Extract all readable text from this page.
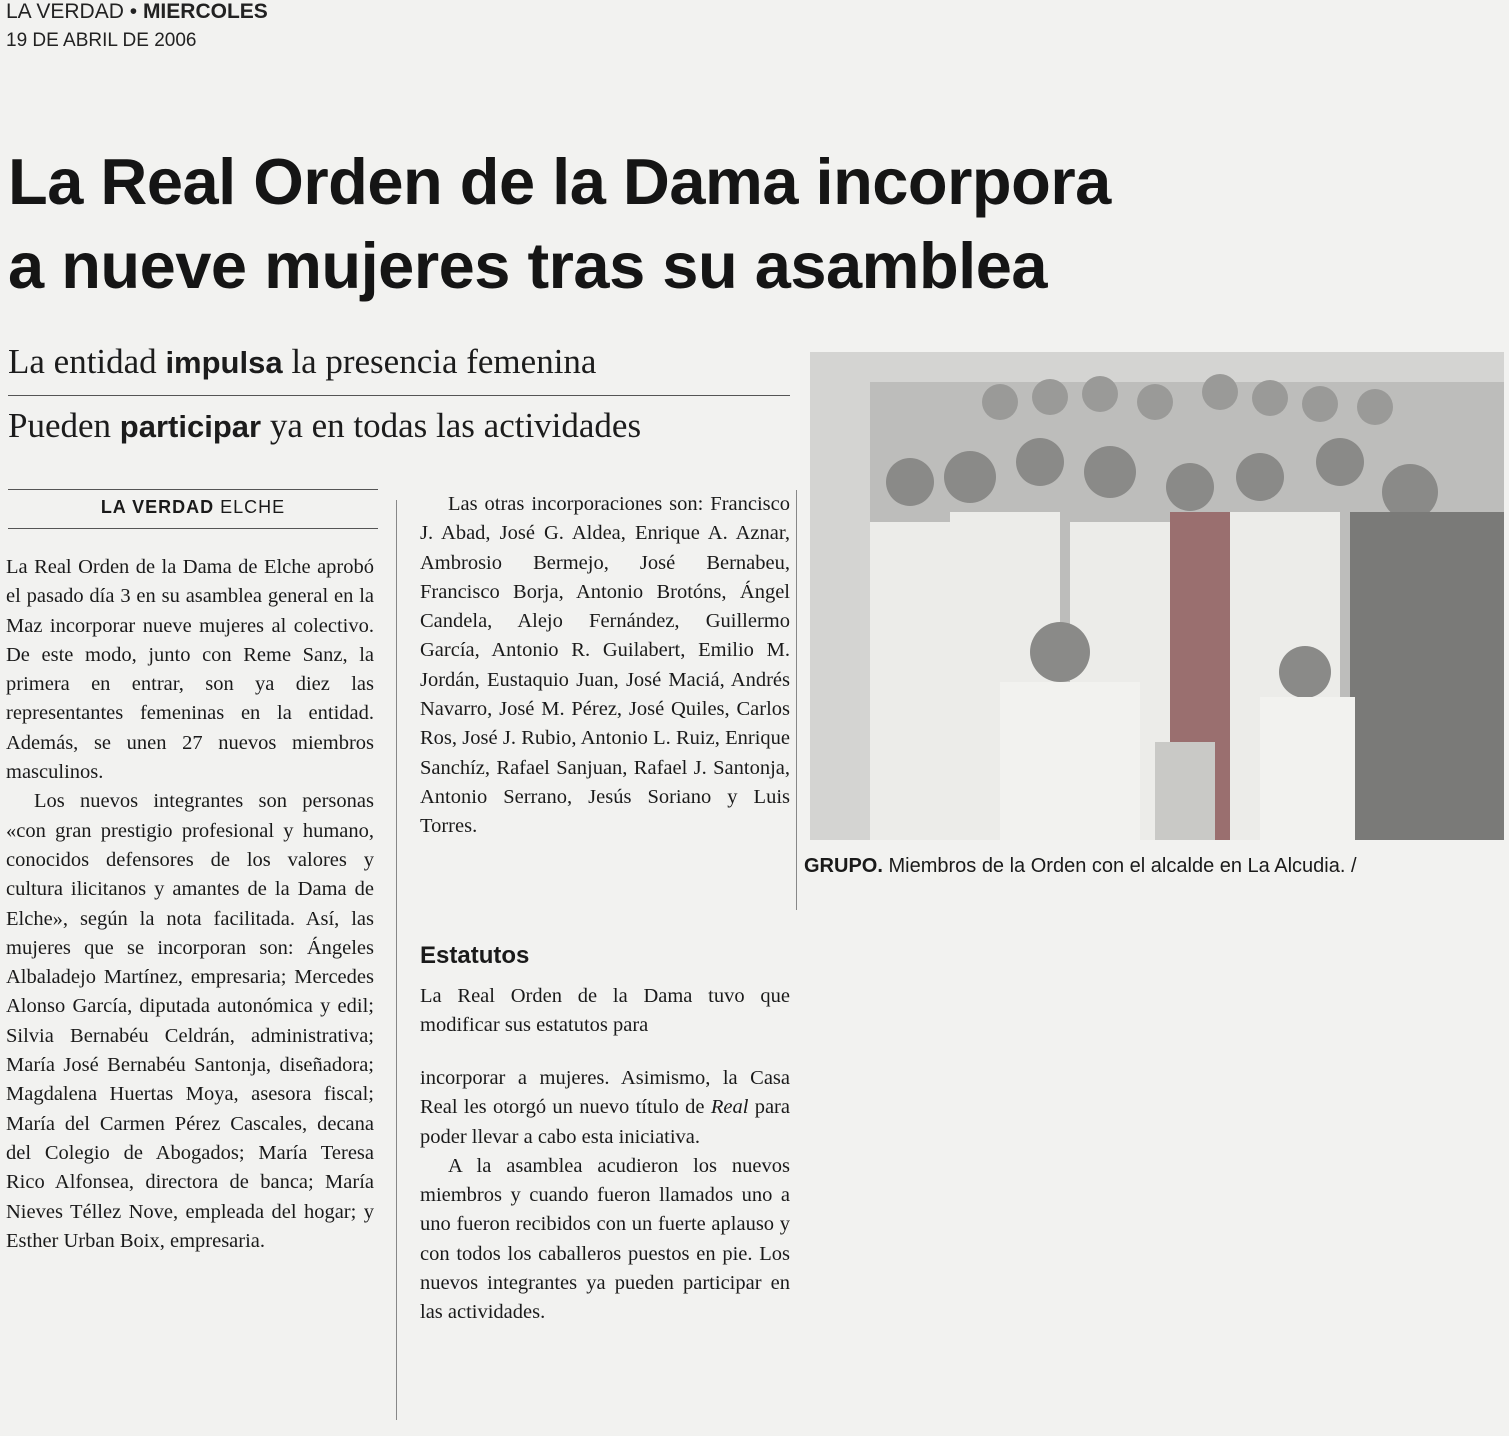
LA VERDAD • MIERCOLES
19 DE ABRIL DE 2006
La Real Orden de la Dama incorpora
a nueve mujeres tras su asamblea
La entidad impulsa la presencia femenina
Pueden participar ya en todas las actividades
LA VERDAD ELCHE

La Real Orden de la Dama de Elche aprobó el pasado día 3 en su asamblea general en la Maz incorporar nueve mujeres al colectivo. De este modo, junto con Reme Sanz, la primera en entrar, son ya diez las representantes femeninas en la entidad. Además, se unen 27 nuevos miembros masculinos.

Los nuevos integrantes son personas «con gran prestigio profesional y humano, conocidos defensores de los valores y cultura ilicitanos y amantes de la Dama de Elche», según la nota facilitada. Así, las mujeres que se incorporan son: Ángeles Albaladejo Martínez, empresaria; Mercedes Alonso García, diputada autonómica y edil; Silvia Bernabéu Celdrán, administrativa; María José Bernabéu Santonja, diseñadora; Magdalena Huertas Moya, asesora fiscal; María del Carmen Pérez Cascales, decana del Colegio de Abogados; María Teresa Rico Alfonsea, directora de banca; María Nieves Téllez Nove, empleada del hogar; y Esther Urban Boix, empresaria.

Las otras incorporaciones son: Francisco J. Abad, José G. Aldea, Enrique A. Aznar, Ambrosio Bermejo, José Bernabeu, Francisco Borja, Antonio Brotóns, Ángel Candela, Alejo Fernández, Guillermo García, Antonio R. Guilabert, Emilio M. Jordán, Eustaquio Juan, José Maciá, Andrés Navarro, José M. Pérez, José Quiles, Carlos Ros, José J. Rubio, Antonio L. Ruiz, Enrique Sanchíz, Rafael Sanjuan, Rafael J. Santonja, Antonio Serrano, Jesús Soriano y Luis Torres.
Estatutos
La Real Orden de la Dama tuvo que modificar sus estatutos para

incorporar a mujeres. Asimismo, la Casa Real les otorgó un nuevo título de Real para poder llevar a cabo esta iniciativa.

A la asamblea acudieron los nuevos miembros y cuando fueron llamados uno a uno fueron recibidos con un fuerte aplauso y con todos los caballeros puestos en pie. Los nuevos integrantes ya pueden participar en las actividades.

GRUPO. Miembros de la Orden con el alcalde en La Alcudia. /
